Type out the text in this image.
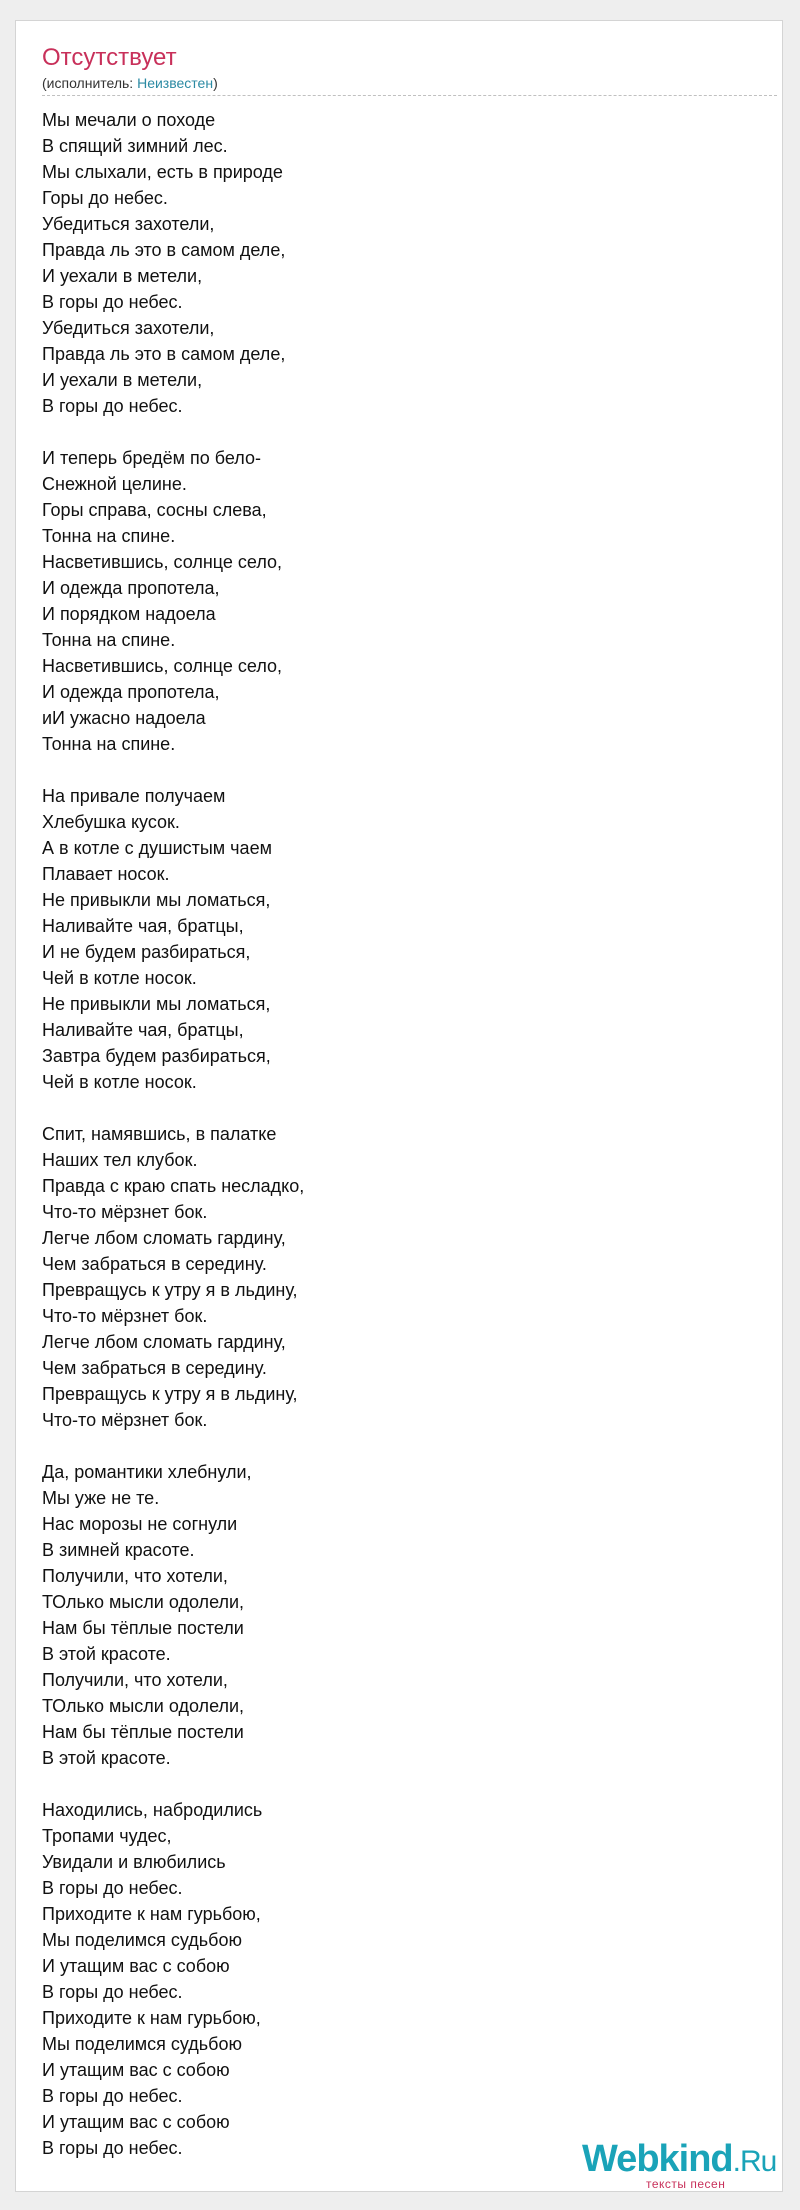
Отсутствует
(исполнитель: Неизвестен)
Мы мечали о походе
В спящий зимний лес.
Мы слыхали, есть в природе
Горы до небес.
Убедиться захотели,
Правда ль это в самом деле,
И уехали в метели,
В горы до небес.
Убедиться захотели,
Правда ль это в самом деле,
И уехали в метели,
В горы до небес.
И теперь бредём по бело-
Снежной целине.
Горы справа, сосны слева,
Тонна на спине.
Насветившись, солнце село,
И одежда пропотела,
И порядком надоела
Тонна на спине.
Насветившись, солнце село,
И одежда пропотела,
иИ ужасно надоела
Тонна на спине.
На привале получаем
Хлебушка кусок.
А в котле с душистым чаем
Плавает носок.
Не привыкли мы ломаться,
Наливайте чая, братцы,
И не будем разбираться,
Чей в котле носок.
Не привыкли мы ломаться,
Наливайте чая, братцы,
Завтра будем разбираться,
Чей в котле носок.
Спит, намявшись, в палатке
Наших тел клубок.
Правда с краю спать несладко,
Что-то мёрзнет бок.
Легче лбом сломать гардину,
Чем забраться в середину.
Превращусь к утру я в льдину,
Что-то мёрзнет бок.
Легче лбом сломать гардину,
Чем забраться в середину.
Превращусь к утру я в льдину,
Что-то мёрзнет бок.
Да, романтики хлебнули,
Мы уже не те.
Нас морозы не согнули
В зимней красоте.
Получили, что хотели,
ТОлько мысли одолели,
Нам бы тёплые постели
В этой красоте.
Получили, что хотели,
ТОлько мысли одолели,
Нам бы тёплые постели
В этой красоте.
Находились, набродились
Тропами чудес,
Увидали и влюбились
В горы до небес.
Приходите к нам гурьбою,
Мы поделимся судьбою
И утащим вас с собою
В горы до небес.
Приходите к нам гурьбою,
Мы поделимся судьбою
И утащим вас с собою
В горы до небес.
И утащим вас с собою
В горы до небес.	Webkind.Ru
тексты песен
